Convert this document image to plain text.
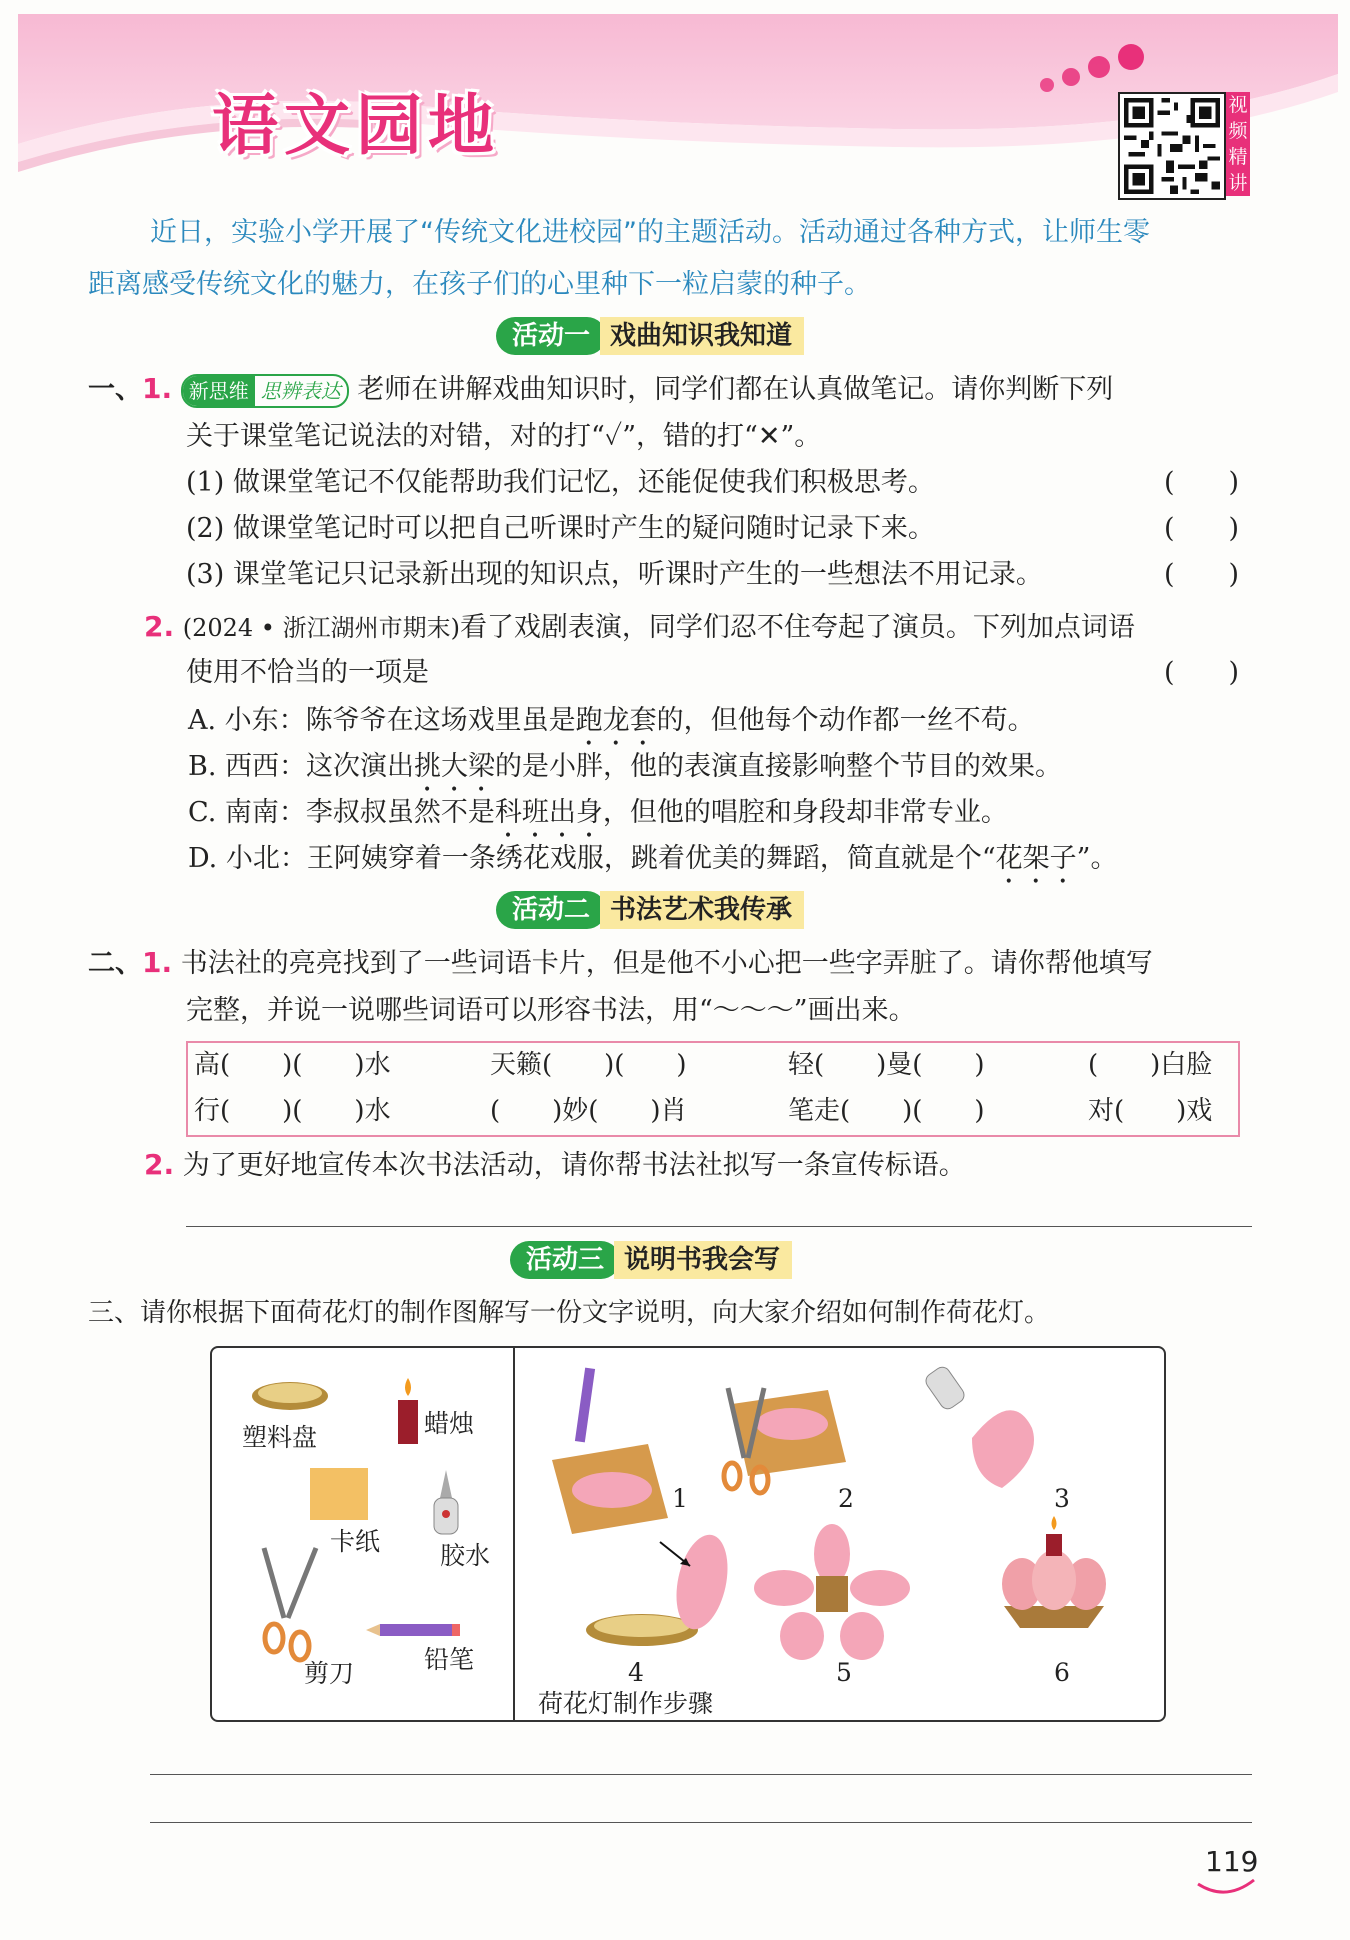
语文园地	视
频
精
讲
近日，实验小学开展了“传统文化进校园”的主题活动。活动通过各种方式，让师生零
距离感受传统文化的魅力，在孩子们的心里种下一粒启蒙的种子。
活动一 戏曲知识我知道
一、1. 新思维 思辨表达 老师在讲解戏曲知识时，同学们都在认真做笔记。请你判断下列
关于课堂笔记说法的对错，对的打“✓”，错的打“✕”。
(1) 做课堂笔记不仅能帮助我们记忆，还能促使我们积极思考。	(　　)
(2) 做课堂笔记时可以把自己听课时产生的疑问随时记录下来。	(　　)
(3) 课堂笔记只记录新出现的知识点，听课时产生的一些想法不用记录。	(　　)
2. (2024 • 浙江湖州市期末)看了戏剧表演，同学们忍不住夸起了演员。下列加点词语
使用不恰当的一项是	(　　)
A. 小东：陈爷爷在这场戏里虽是跑龙套的，但他每个动作都一丝不苟。
B. 西西：这次演出挑大梁的是小胖，他的表演直接影响整个节目的效果。
C. 南南：李叔叔虽然不是科班出身，但他的唱腔和身段却非常专业。
D. 小北：王阿姨穿着一条绣花戏服，跳着优美的舞蹈，简直就是个“花架子”。
活动二 书法艺术我传承
二、1. 书法社的亮亮找到了一些词语卡片，但是他不小心把一些字弄脏了。请你帮他填写
完整，并说一说哪些词语可以形容书法，用“～～～”画出来。
高(　　)(　　)水	天籁(　　)(　　)	轻(　　)曼(　　)	(　　)白脸
行(　　)(　　)水	(　　)妙(　　)肖	笔走(　　)(　　)	对(　　)戏
2. 为了更好地宣传本次书法活动，请你帮书法社拟写一条宣传标语。
活动三 说明书我会写
三、请你根据下面荷花灯的制作图解写一份文字说明，向大家介绍如何制作荷花灯。
塑料盘	蜡烛
卡纸 胶水
剪刀	铅笔
1	2	3
4	5	6
荷花灯制作步骤
119
